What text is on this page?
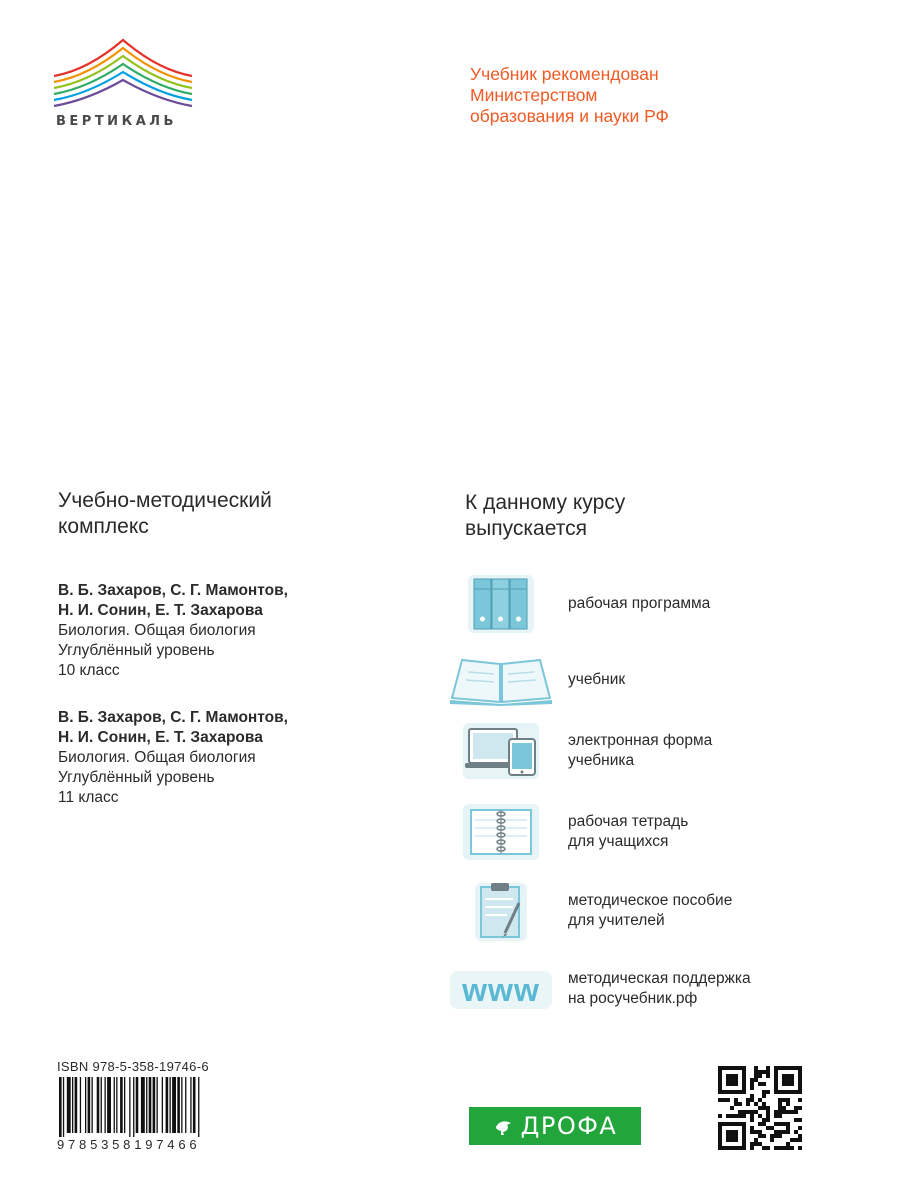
ВЕРТИКАЛЬ
Учебник рекомендован
Министерством
образования и науки РФ
Учебно-методический
комплекс
В. Б. Захаров, С. Г. Мамонтов,
Н. И. Сонин, Е. Т. Захарова
Биология. Общая биология
Углублённый уровень
10 класс
В. Б. Захаров, С. Г. Мамонтов,
Н. И. Сонин, Е. Т. Захарова
Биология. Общая биология
Углублённый уровень
11 класс
К данному курсу
выпускается
рабочая программа
учебник
электронная форма
учебника
рабочая тетрадь
для учащихся
методическое пособие
для учителей
www методическая поддержка
на росучебник.рф
ISBN 978-5-358-19746-6
9785358197466
ДРОФА
